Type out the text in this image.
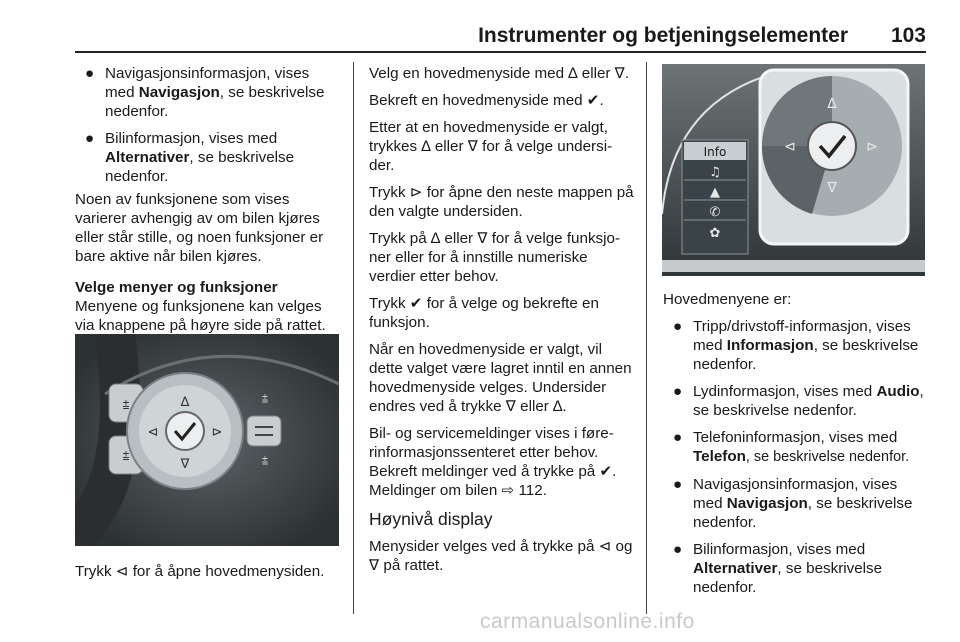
Instrumenter og betjeningselementer 103
● Navigasjonsinformasjon, vises med Navigasjon, se beskrivelse nedenfor.
● Bilinformasjon, vises med Alternativer, se beskrivelse nedenfor.

Noen av funksjonene som vises varierer avhengig av om bilen kjøres eller står stille, og noen funksjoner er bare aktive når bilen kjøres.

Velge menyer og funksjoner

Menyene og funksjonene kan velges via knappene på høyre side på rattet.

⩲
⩲
∆
∇
⊲	⊳
⩲
⩲

Trykk ⊲ for å åpne hovedmenysiden.

Velg en hovedmenyside med ∆ eller ∇.

Bekreft en hovedmenyside med ✔.

Etter at en hovedmenyside er valgt, trykkes ∆ eller ∇ for å velge undersi-der.

Trykk ⊳ for åpne den neste mappen på den valgte undersiden.

Trykk på ∆ eller ∇ for å velge funksjo-ner eller for å innstille numeriske verdier etter behov.

Trykk ✔ for å velge og bekrefte en funksjon.

Når en hovedmenyside er valgt, vil dette valget være lagret inntil en annen hovedmenyside velges. Undersider endres ved å trykke ∇ eller ∆.

Bil- og servicemeldinger vises i føre-rinformasjonssenteret etter behov. Bekreft meldinger ved å trykke på ✔. Meldinger om bilen ⇨ 112.

Høynivå display

Menysider velges ved å trykke på ⊲ og ∇ på rattet.

∆
∇
⊲	⊳
Info
♫
▲
✆
✿

Hovedmenyene er:

● Tripp/drivstoff-informasjon, vises med Informasjon, se beskrivelse nedenfor.
● Lydinformasjon, vises med Audio, se beskrivelse nedenfor.
● Telefoninformasjon, vises med Telefon, se beskrivelse nedenfor.
● Navigasjonsinformasjon, vises med Navigasjon, se beskrivelse nedenfor.
● Bilinformasjon, vises med Alternativer, se beskrivelse nedenfor.
carmanualsonline.info
